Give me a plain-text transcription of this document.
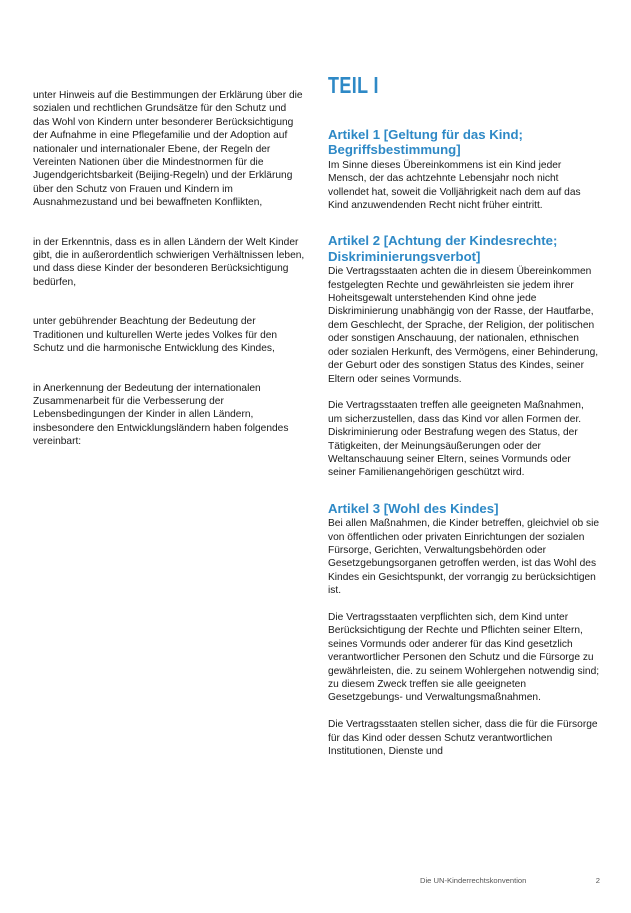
unter Hinweis auf die Bestimmungen der Erklärung über die sozialen und rechtlichen Grundsätze für den Schutz und das Wohl von Kindern unter besonderer Berücksichtigung der Aufnahme in eine Pflegefamilie und der Adoption auf nationaler und internationaler Ebene, der Regeln der Vereinten Nationen über die Mindestnormen für die Jugendgerichtsbarkeit (Beijing-Regeln) und der Erklärung über den Schutz von Frauen und Kindern im Ausnahmezustand und bei bewaffneten Konflikten,

in der Erkenntnis, dass es in allen Ländern der Welt Kinder gibt, die in außerordentlich schwierigen Verhältnissen leben, und dass diese Kinder der besonderen Berücksichtigung bedürfen,

unter gebührender Beachtung der Bedeutung der Traditionen und kulturellen Werte jedes Volkes für den Schutz und die harmonische Entwicklung des Kindes,

in Anerkennung der Bedeutung der internationalen Zusammenarbeit für die Verbesserung der Lebensbedingungen der Kinder in allen Ländern, insbesondere den Entwicklungsländern haben folgendes vereinbart:

TEIL I
Artikel 1 [Geltung für das Kind; Begriffsbestimmung]

Im Sinne dieses Übereinkommens ist ein Kind jeder Mensch, der das achtzehnte Lebensjahr noch nicht vollendet hat, soweit die Volljährigkeit nach dem auf das Kind anzuwendenden Recht nicht früher eintritt.

Artikel 2 [Achtung der Kindesrechte; Diskriminierungsverbot]

Die Vertragsstaaten achten die in diesem Übereinkommen festgelegten Rechte und gewährleisten sie jedem ihrer Hoheitsgewalt unterstehenden Kind ohne jede Diskriminierung unabhängig von der Rasse, der Hautfarbe, dem Geschlecht, der Sprache, der Religion, der politischen oder sonstigen Anschauung, der nationalen, ethnischen oder sozialen Herkunft, des Vermögens, einer Behinderung, der Geburt oder des sonstigen Status des Kindes, seiner Eltern oder seines Vormunds.

Die Vertragsstaaten treffen alle geeigneten Maßnahmen, um sicherzustellen, dass das Kind vor allen Formen der. Diskriminierung oder Bestrafung wegen des Status, der Tätigkeiten, der Meinungsäußerungen oder der Weltanschauung seiner Eltern, seines Vormunds oder seiner Familienangehörigen geschützt wird.

Artikel 3 [Wohl des Kindes]

Bei allen Maßnahmen, die Kinder betreffen, gleichviel ob sie von öffentlichen oder privaten Einrichtungen der sozialen Fürsorge, Gerichten, Verwaltungsbehörden oder Gesetzgebungsorganen getroffen werden, ist das Wohl des Kindes ein Gesichtspunkt, der vorrangig zu berücksichtigen ist.

Die Vertragsstaaten verpflichten sich, dem Kind unter Berücksichtigung der Rechte und Pflichten seiner Eltern, seines Vormunds oder anderer für das Kind gesetzlich verantwortlicher Personen den Schutz und die Fürsorge zu gewährleisten, die. zu seinem Wohlergehen notwendig sind; zu diesem Zweck treffen sie alle geeigneten Gesetzgebungs- und Verwaltungsmaßnahmen.

Die Vertragsstaaten stellen sicher, dass die für die Fürsorge für das Kind oder dessen Schutz verantwortlichen Institutionen, Dienste und

Die UN-Kinderrechtskonvention	2
